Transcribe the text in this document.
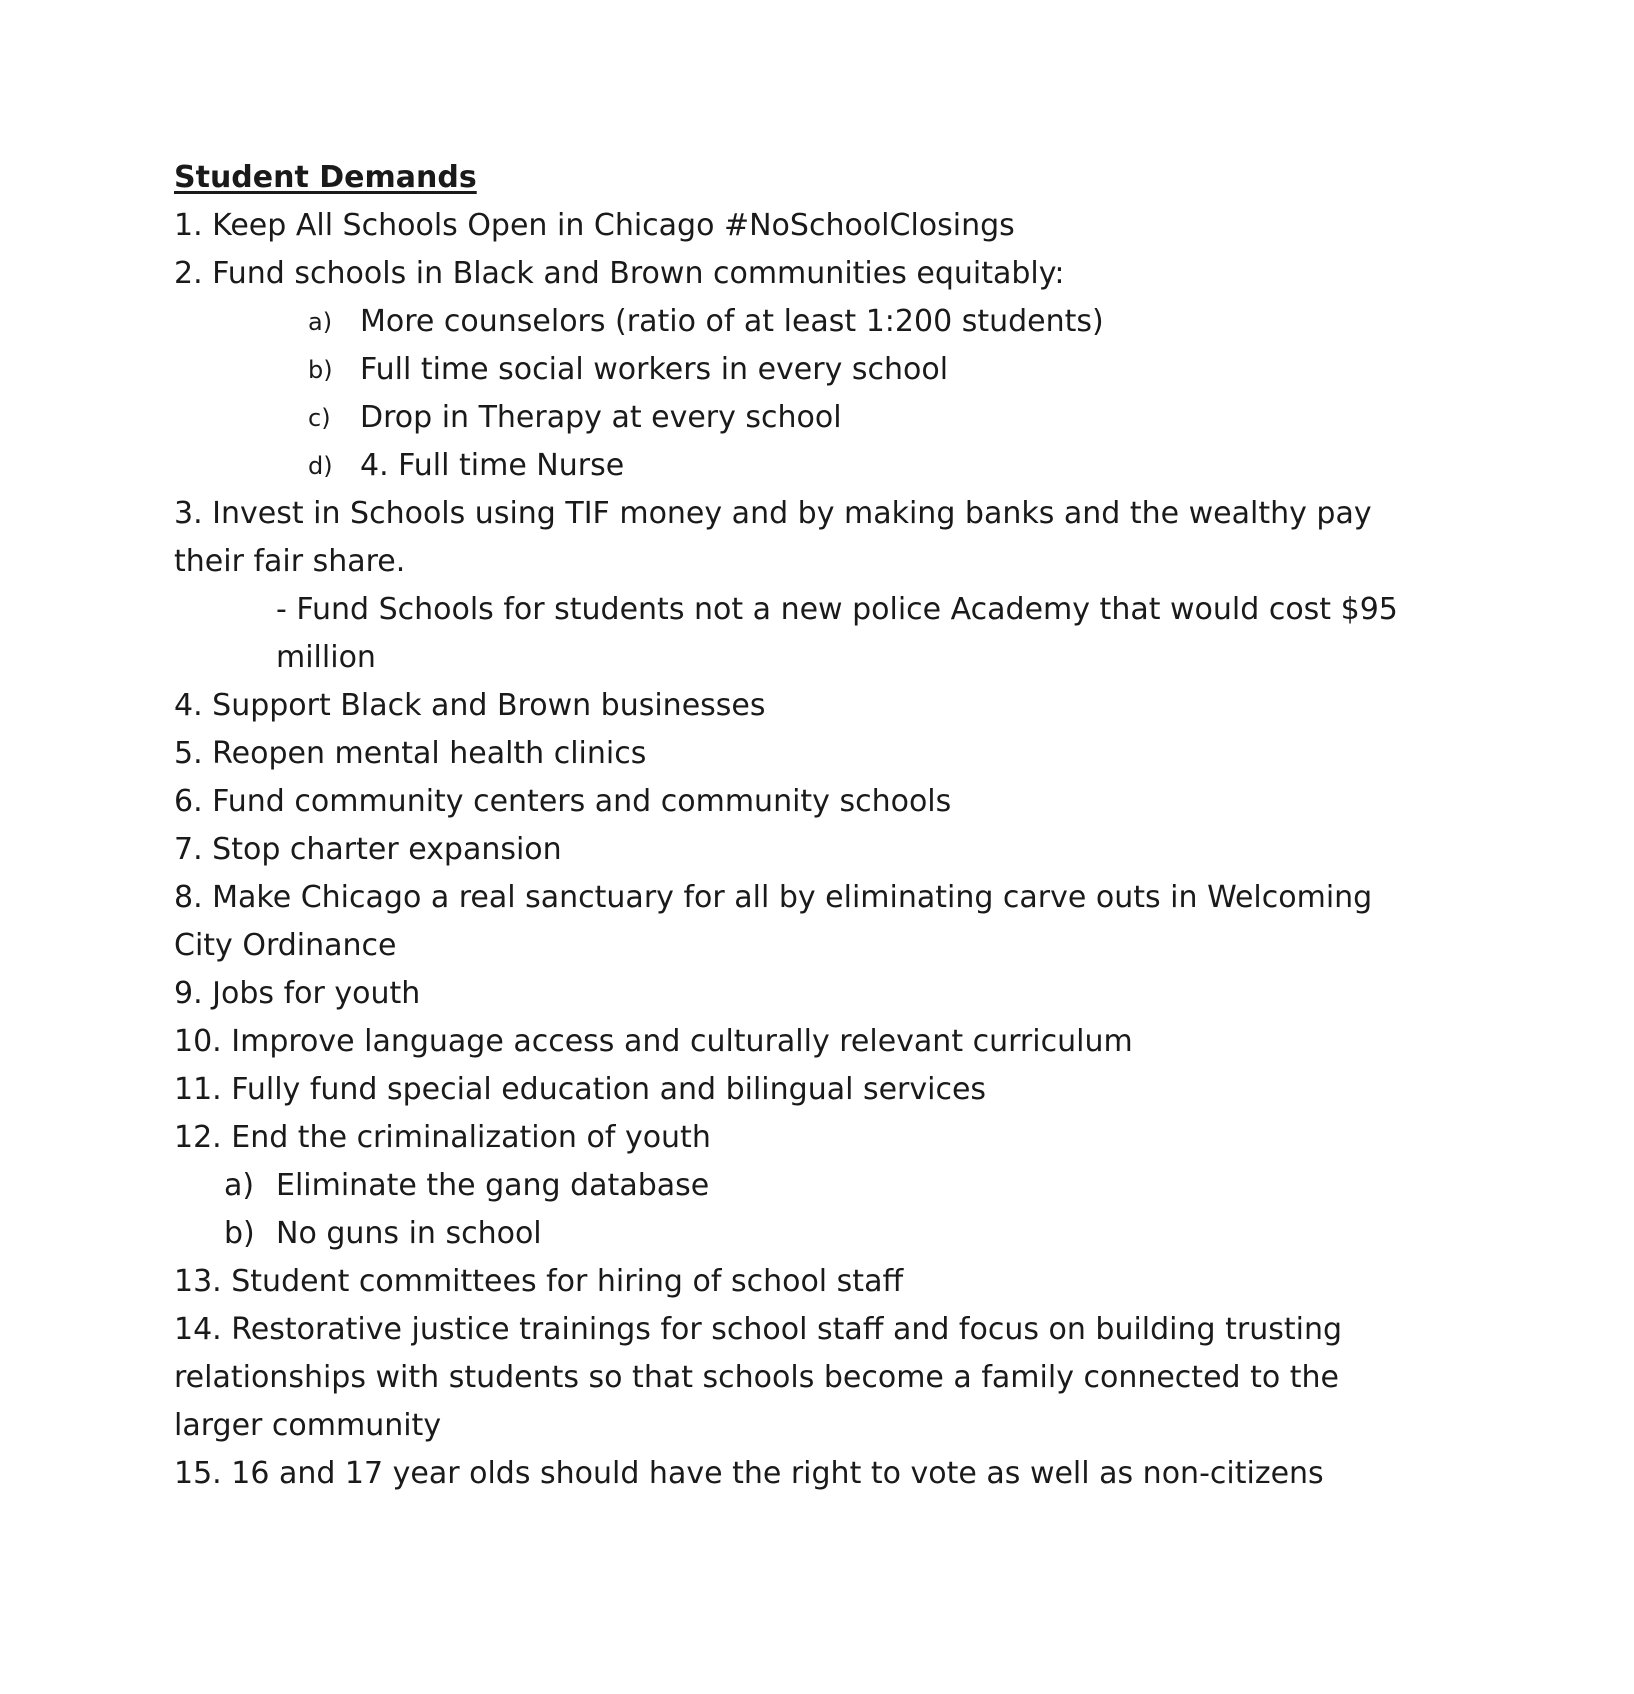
Student Demands
1. Keep All Schools Open in Chicago #NoSchoolClosings
2. Fund schools in Black and Brown communities equitably:
a) More counselors (ratio of at least 1:200 students)
b) Full time social workers in every school
c) Drop in Therapy at every school
d) 4. Full time Nurse
3. Invest in Schools using TIF money and by making banks and the wealthy pay
their fair share.
- Fund Schools for students not a new police Academy that would cost $95
million
4. Support Black and Brown businesses
5. Reopen mental health clinics
6. Fund community centers and community schools
7. Stop charter expansion
8. Make Chicago a real sanctuary for all by eliminating carve outs in Welcoming
City Ordinance
9. Jobs for youth
10. Improve language access and culturally relevant curriculum
11. Fully fund special education and bilingual services
12. End the criminalization of youth
a) Eliminate the gang database
b) No guns in school
13. Student committees for hiring of school staff
14. Restorative justice trainings for school staff and focus on building trusting
relationships with students so that schools become a family connected to the
larger community
15. 16 and 17 year olds should have the right to vote as well as non-citizens
